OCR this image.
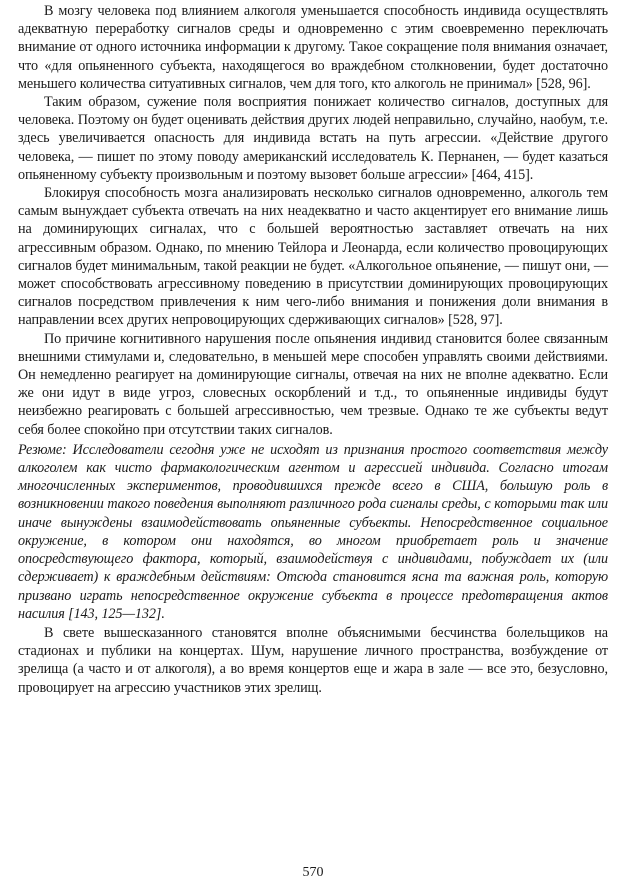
В мозгу человека под влиянием алкоголя уменьшается способность индивида осуществлять адекватную переработку сигналов среды и одновременно с этим своевременно переключать внимание от одного источника информации к другому. Такое сокращение поля внимания означает, что «для опьяненного субъекта, находящегося во враждебном столкновении, будет достаточно меньшего количества ситуативных сигналов, чем для того, кто алкоголь не принимал» [528, 96].

Таким образом, сужение поля восприятия понижает количество сигналов, доступных для человека. Поэтому он будет оценивать действия других людей неправильно, случайно, наобум, т.е. здесь увеличивается опасность для индивида встать на путь агрессии. «Действие другого человека, — пишет по этому поводу американский исследователь К. Пернанен, — будет казаться опьяненному субъекту произвольным и поэтому вызовет больше агрессии» [464, 415].

Блокируя способность мозга анализировать несколько сигналов одновременно, алкоголь тем самым вынуждает субъекта отвечать на них неадекватно и часто акцентирует его внимание лишь на доминирующих сигналах, что с большей вероятностью заставляет отвечать на них агрессивным образом. Однако, по мнению Тейлора и Леонарда, если количество провоцирующих сигналов будет минимальным, такой реакции не будет. «Алкогольное опьянение, — пишут они, — может способствовать агрессивному поведению в присутствии доминирующих провоцирующих сигналов посредством привлечения к ним чего-либо внимания и понижения доли внимания в направлении всех других непровоцирующих сдерживающих сигналов» [528, 97].

По причине когнитивного нарушения после опьянения индивид становится более связанным внешними стимулами и, следовательно, в меньшей мере способен управлять своими действиями. Он немедленно реагирует на доминирующие сигналы, отвечая на них не вполне адекватно. Если же они идут в виде угроз, словесных оскорблений и т.д., то опьяненные индивиды будут неизбежно реагировать с большей агрессивностью, чем трезвые. Однако те же субъекты ведут себя более спокойно при отсутствии таких сигналов.

Резюме: Исследователи сегодня уже не исходят из признания простого соответствия между алкоголем как чисто фармакологическим агентом и агрессией индивида. Согласно итогам многочисленных экспериментов, проводившихся прежде всего в США, большую роль в возникновении такого поведения выполняют различного рода сигналы среды, с которыми так или иначе вынуждены взаимодействовать опьяненные субъекты. Непосредственное социальное окружение, в котором они находятся, во многом приобретает роль и значение опосредствующего фактора, который, взаимодействуя с индивидами, побуждает их (или сдерживает) к враждебным действиям: Отсюда становится ясна та важная роль, которую призвано играть непосредственное окружение субъекта в процессе предотвращения актов насилия [143, 125—132].

В свете вышесказанного становятся вполне объяснимыми бесчинства болельщиков на стадионах и публики на концертах. Шум, нарушение личного пространства, возбуждение от зрелища (а часто и от алкоголя), а во время концертов еще и жара в зале — все это, безусловно, провоцирует на агрессию участников этих зрелищ.

570
